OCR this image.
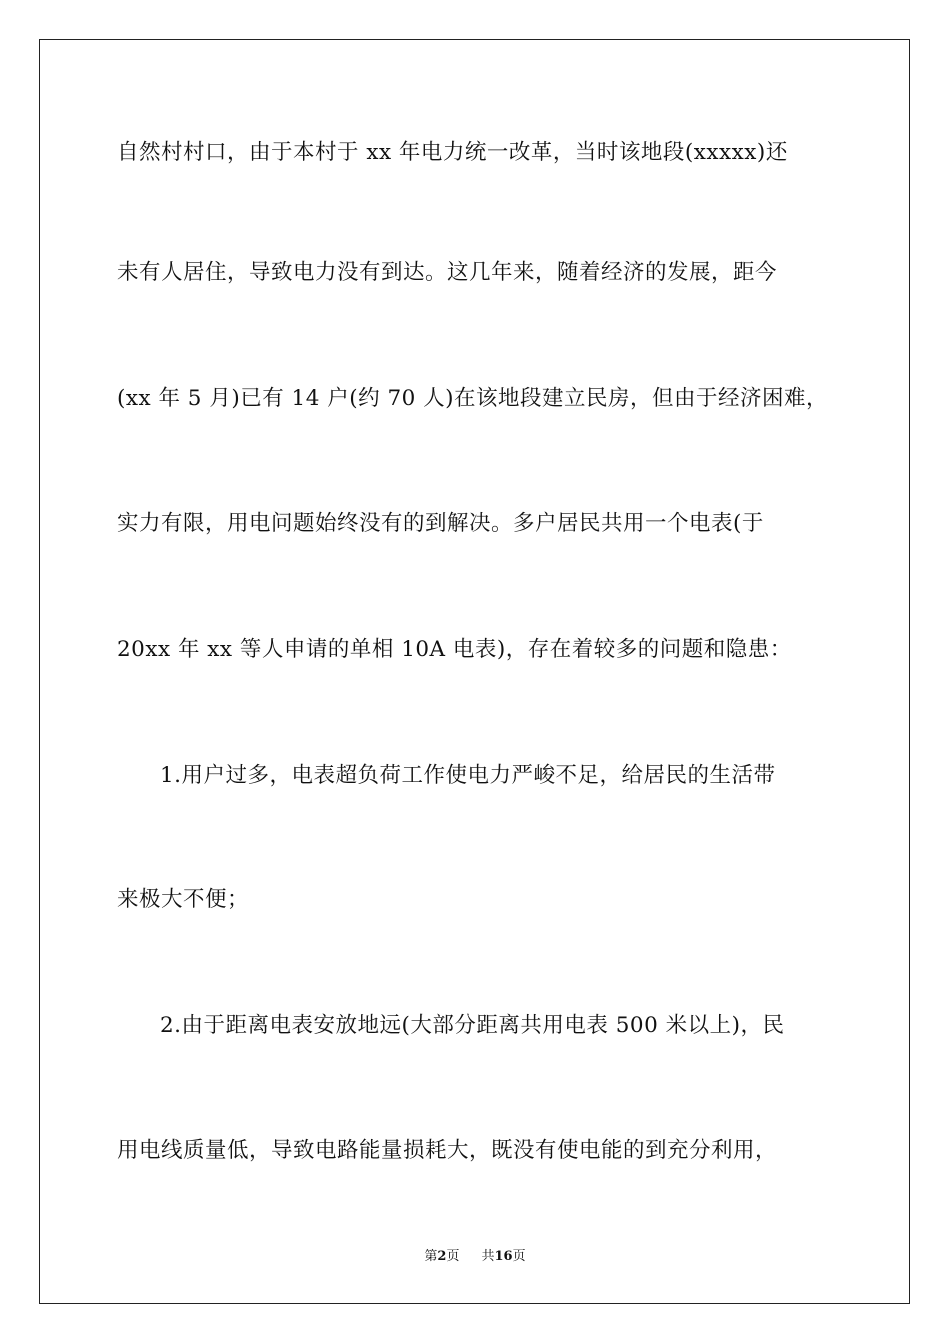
自然村村口，由于本村于 xx 年电力统一改革，当时该地段(xxxxx)还
未有人居住，导致电力没有到达。这几年来，随着经济的发展，距今
(xx 年 5 月)已有 14 户(约 70 人)在该地段建立民房，但由于经济困难，
实力有限，用电问题始终没有的到解决。多户居民共用一个电表(于
20xx 年 xx 等人申请的单相 10A 电表)，存在着较多的问题和隐患：
1.用户过多，电表超负荷工作使电力严峻不足，给居民的生活带
来极大不便；
2.由于距离电表安放地远(大部分距离共用电表 500 米以上)，民
用电线质量低，导致电路能量损耗大，既没有使电能的到充分利用，
第2页 共16页
